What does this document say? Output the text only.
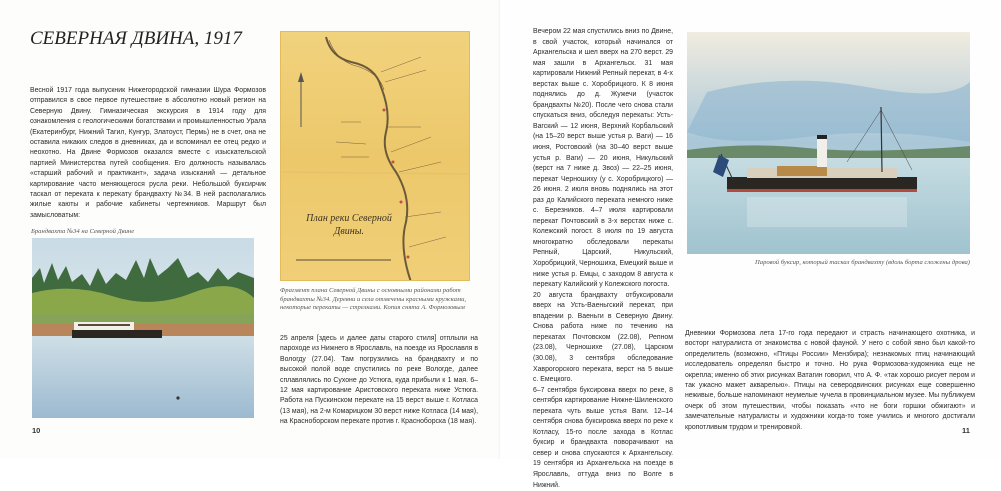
СЕВЕРНАЯ ДВИНА, 1917

Весной 1917 года выпускник Нижегородской гимназии Шура Формозов отправился в свое первое путешествие в абсолютно новый регион на Северную Двину. Гимназическая экскурсия в 1914 году для ознакомления с геологическими богатствами и промышленностью Урала (Екатеринбург, Нижний Тагил, Кунгур, Златоуст, Пермь) не в счет, она не оставила никаких следов в дневниках, да и вспоминал ее отец редко и неохотно. На Двине Формозов оказался вместе с изыскательской партией Министерства путей сообщения. Его должность называлась «старший рабочий и практикант», задача изысканий — детальное картирование часто меняющегося русла реки. Небольшой буксирчик таскал от переката к перекату брандвахту №34. В ней располагались жилые каюты и рабочие кабинеты чертежников. Маршрут был замысловатым:

Брандвахта №34 на Северной Двине
10
План реки Северной Двины.
Фрагмент плана Северной Двины с основными районами работ брандвахты №34. Деревни и села отмечены красными кружками, некоторые перекаты — стрелками. Копия снята А. Формозовым

25 апреля [здесь и далее даты старого стиля] отплыли на пароходе из Нижнего в Ярославль, на поезде из Ярославля в Вологду (27.04). Там погрузились на брандвахту и по высокой полой воде спустились по реке Вологде, далее сплавлялись по Сухоне до Устюга, куда прибыли к 1 мая. 6–12 мая картирование Аристовского переката ниже Устюга. Работа на Пускинском перекате на 15 верст выше г. Котласа (13 мая), на 2-м Комарицком 30 верст ниже Котласа (14 мая), на Красноборском перекате против г. Красноборска (18 мая).

Вечером 22 мая спустились вниз по Двине, в свой участок, который начинался от Архангельска и шел вверх на 270 верст. 29 мая зашли в Архангельск. 31 мая картировали Нижний Репный перекат, в 4-х верстах выше с. Хоробрицкого. К 8 июня поднялись до д. Жужечи (участок брандвахты №20). После чего снова стали спускаться вниз, обследуя перекаты: Усть-Вагский — 12 июня, Верхний Корбальский (на 15–20 верст выше устья р. Ваги) — 16 июня, Ростовский (на 30–40 верст выше устья р. Ваги) — 20 июня, Никульский (верст на 7 ниже д. Звоз) — 22–25 июня, перекат Черношиху (у с. Хоробрицкого) — 26 июня. 2 июля вновь поднялись на этот раз до Калийского переката немного ниже с. Березников. 4–7 июля картировали перекат Почтовский в 3-х верстах ниже с. Колежский погост. 8 июля по 19 августа многократно обследовали перекаты Репный, Царский, Никульский, Хоробрицкий, Черношиха, Емецкий выше и ниже устья р. Емцы, с заходом 8 августа к перекату Калийский у Колежского погоста.

20 августа брандвахту отбуксировали вверх на Усть-Ваеньгский перекат, при впадении р. Ваеньги в Северную Двину. Снова работа ниже по течению на перекатах Почтовском (22.08), Репном (23.08), Черношихе (27.08), Царском (30.08), 3 сентября обследование Хаврогорского переката, верст на 5 выше с. Емецкого.

6–7 сентября буксировка вверх по реке, 8 сентября картирование Нижне-Шиленского переката чуть выше устья Ваги. 12–14 сентября снова буксировка вверх по реке к Котласу, 15-го после захода в Котлас буксир и брандвахта поворачивают на север и снова спускаются к Архангельску. 19 сентября из Архангельска на поезде в Ярославль, оттуда вниз по Волге в Нижний.

Паровой буксир, который таскал брандвахту (вдоль борта сложены дрова)

Дневники Формозова лета 17-го года передают и страсть начинающего охотника, и восторг натуралиста от знакомства с новой фауной. У него с собой явно был какой-то определитель (возможно, «Птицы России» Мензбира); незнакомых птиц начинающий исследователь определял быстро и точно. Но рука Формозова-художника еще не окрепла; именно об этих рисунках Ватагин говорил, что А. Ф. «так хорошо рисует пером и так ужасно мажет акварелью». Птицы на северодвинских рисунках еще совершенно неживые, больше напоминают неумелые чучела в провинциальном музее. Мы публикуем очерк об этом путешествии, чтобы показать «что не боги горшки обжигают» и замечательные натуралисты и художники когда-то тоже учились и многого достигали кропотливым трудом и тренировкой.	11
